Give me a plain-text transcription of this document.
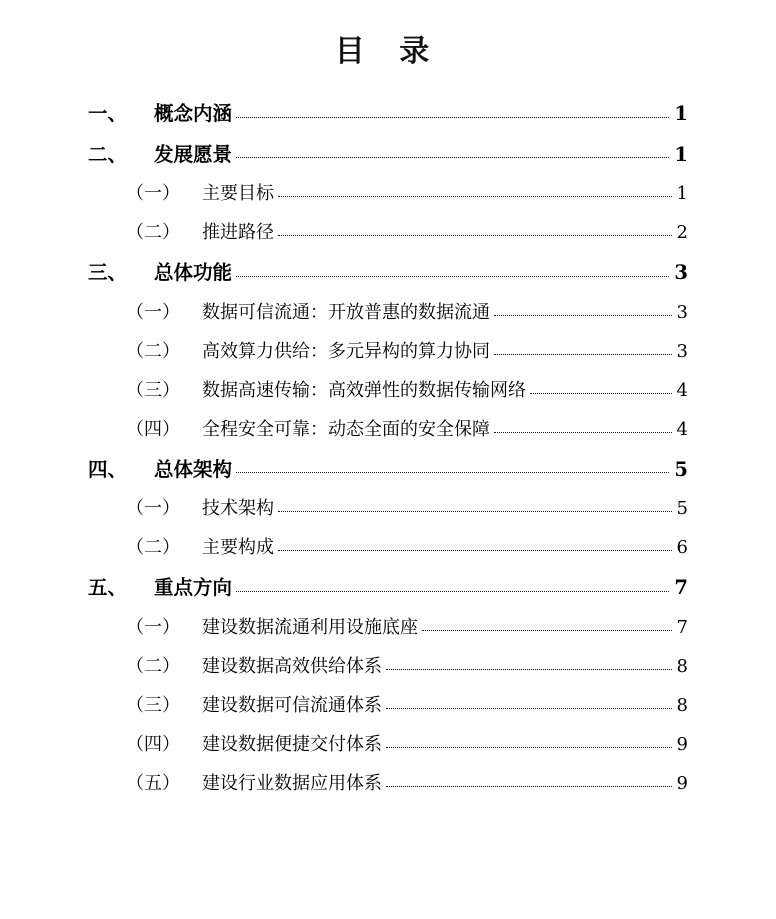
目 录
一、	概念内涵	1
二、	发展愿景	1
（一）	主要目标	1
（二）	推进路径	2
三、	总体功能	3
（一）	数据可信流通：开放普惠的数据流通	3
（二）	高效算力供给：多元异构的算力协同	3
（三）	数据高速传输：高效弹性的数据传输网络	4
（四）	全程安全可靠：动态全面的安全保障	4
四、	总体架构	5
（一）	技术架构	5
（二）	主要构成	6
五、	重点方向	7
（一）	建设数据流通利用设施底座	7
（二）	建设数据高效供给体系	8
（三）	建设数据可信流通体系	8
（四）	建设数据便捷交付体系	9
（五）	建设行业数据应用体系	9
